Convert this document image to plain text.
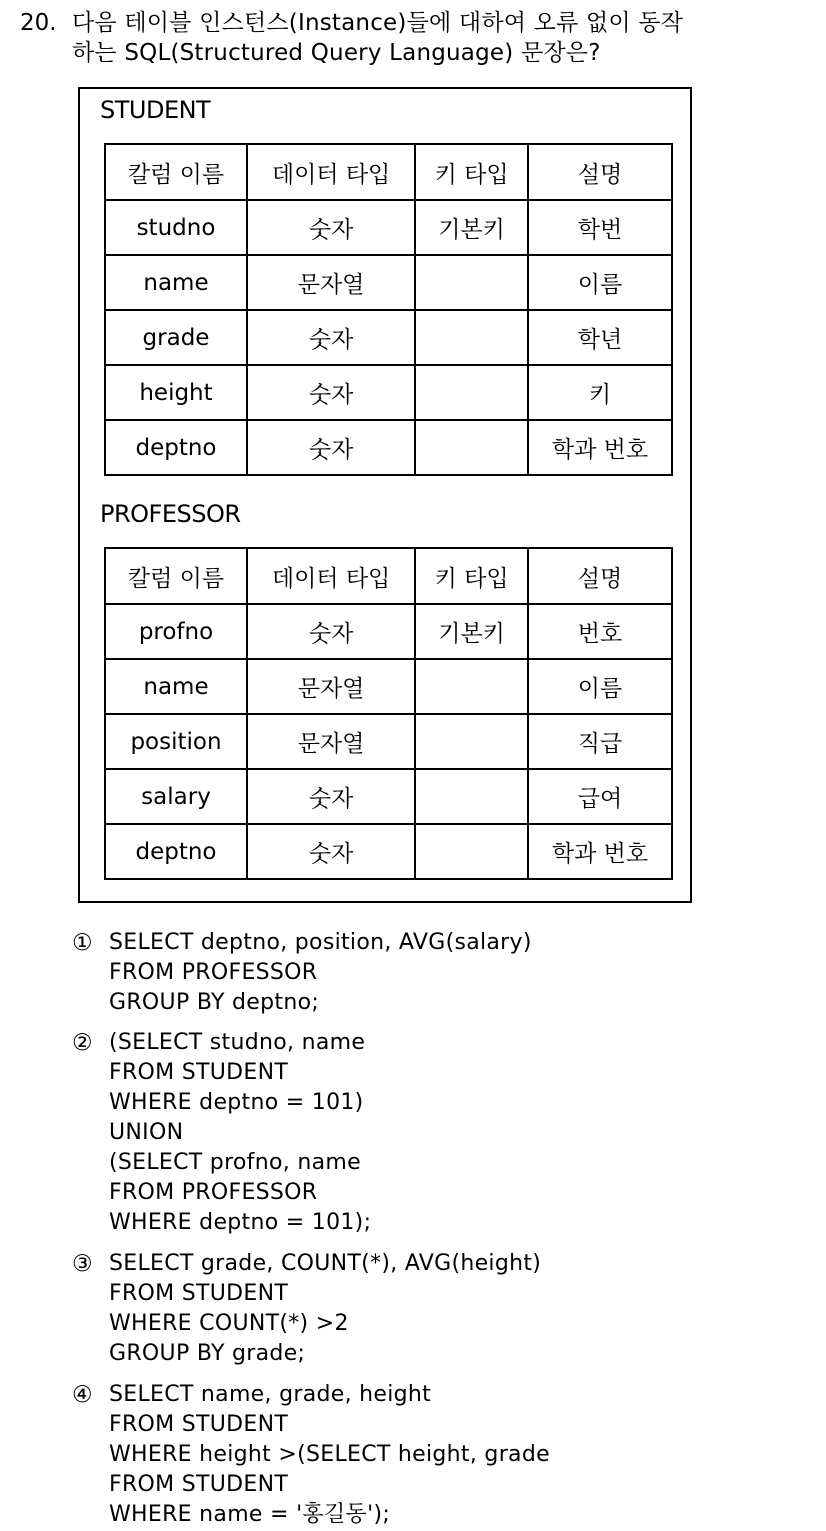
20. 다음 테이블 인스턴스(Instance)들에 대하여 오류 없이 동작
하는 SQL(Structured Query Language) 문장은?
STUDENT
칼럼 이름	데이터 타입	키 타입	설명
studno	숫자	기본키	학번
name	문자열		이름
grade	숫자		학년
height	숫자		키
deptno	숫자		학과 번호
PROFESSOR
칼럼 이름	데이터 타입	키 타입	설명
profno	숫자	기본키	번호
name	문자열		이름
position	문자열		직급
salary	숫자		급여
deptno	숫자		학과 번호
① SELECT deptno, position, AVG(salary)
FROM PROFESSOR
GROUP BY deptno;
② (SELECT studno, name
FROM STUDENT
WHERE deptno = 101)
UNION
(SELECT profno, name
FROM PROFESSOR
WHERE deptno = 101);
③ SELECT grade, COUNT(*), AVG(height)
FROM STUDENT
WHERE COUNT(*) >2
GROUP BY grade;
④ SELECT name, grade, height
FROM STUDENT
WHERE height >(SELECT height, grade
FROM STUDENT
WHERE name = '홍길동');
